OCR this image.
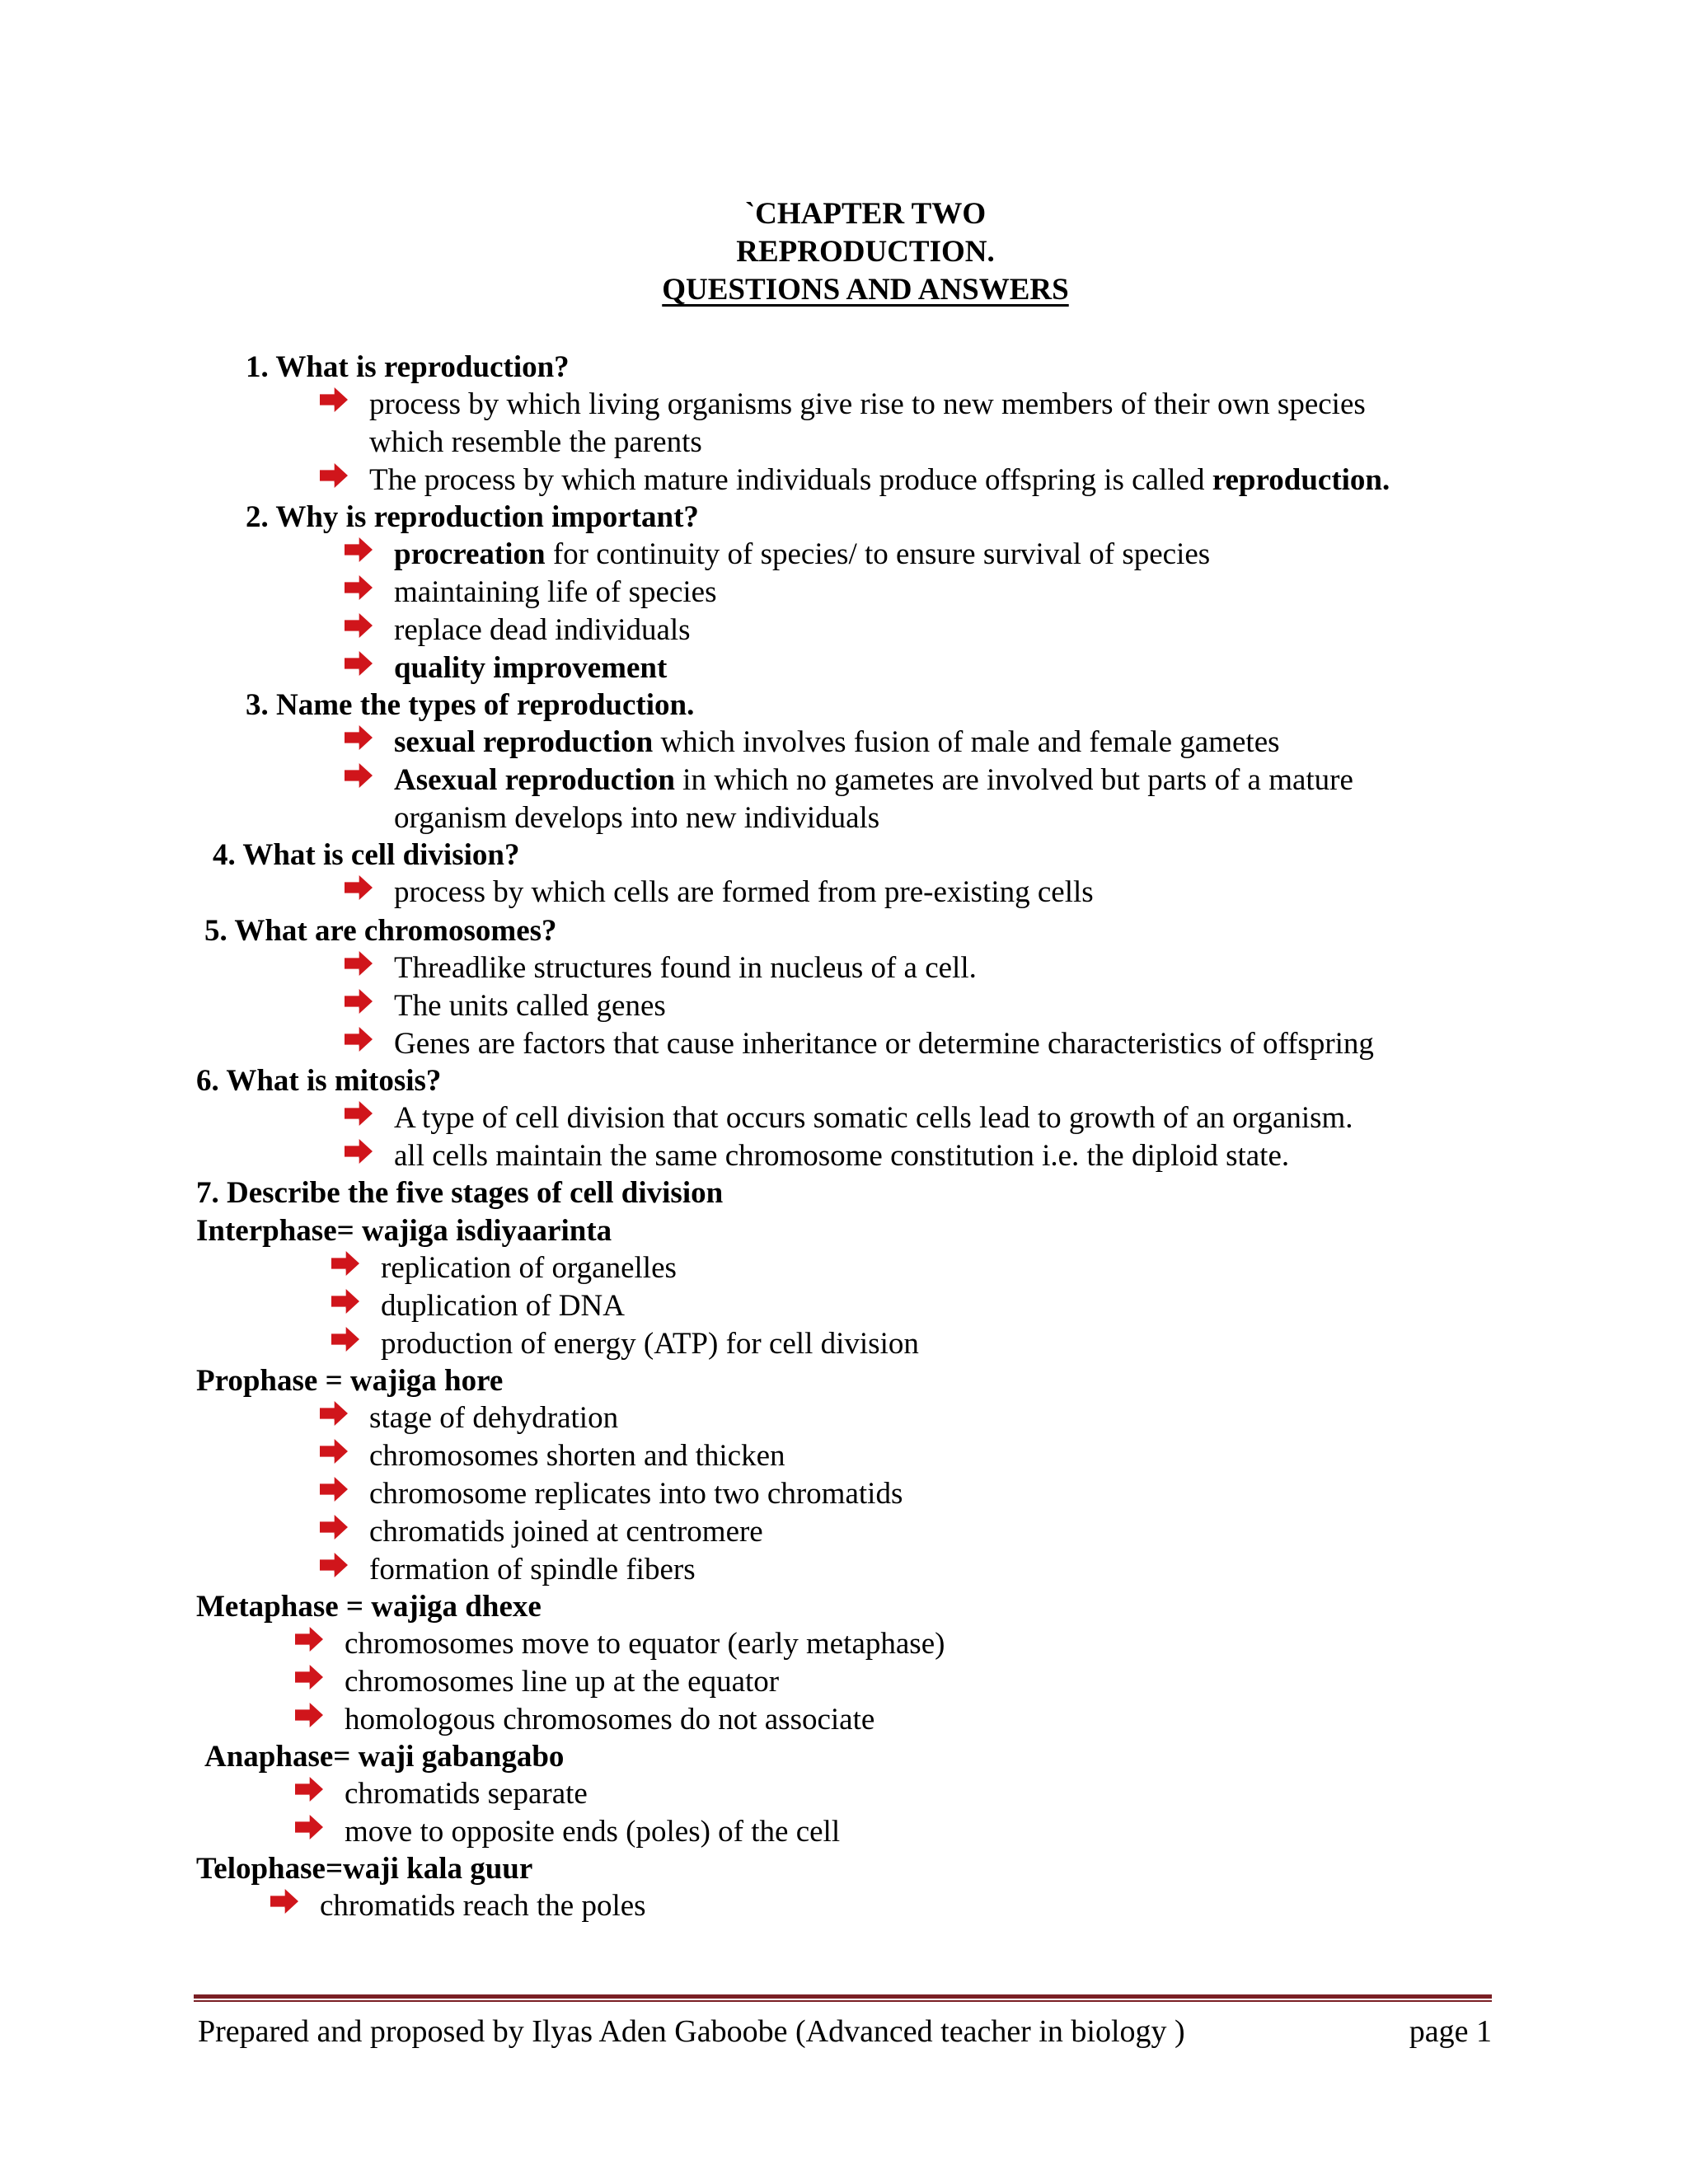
`CHAPTER TWO
REPRODUCTION.
QUESTIONS AND ANSWERS
1. What is reproduction?
process by which living organisms give rise to new members of their own species
which resemble the parents
The process by which mature individuals produce offspring is called reproduction.
2. Why is reproduction important?
procreation for continuity of species/ to ensure survival of species
maintaining life of species
replace dead individuals
quality improvement
3. Name the types of reproduction.
sexual reproduction which involves fusion of male and female gametes
Asexual reproduction in which no gametes are involved but parts of a mature
organism develops into new individuals
4. What is cell division?
process by which cells are formed from pre-existing cells
5. What are chromosomes?
Threadlike structures found in nucleus of a cell.
The units called genes
Genes are factors that cause inheritance or determine characteristics of offspring
6. What is mitosis?
A type of cell division that occurs somatic cells lead to growth of an organism.
all cells maintain the same chromosome constitution i.e. the diploid state.
7. Describe the five stages of cell division
Interphase= wajiga isdiyaarinta
replication of organelles
duplication of DNA
production of energy (ATP) for cell division
Prophase = wajiga hore
stage of dehydration
chromosomes shorten and thicken
chromosome replicates into two chromatids
chromatids joined at centromere
formation of spindle fibers
Metaphase = wajiga dhexe
chromosomes move to equator (early metaphase)
chromosomes line up at the equator
homologous chromosomes do not associate
Anaphase= waji gabangabo
chromatids separate
move to opposite ends (poles) of the cell
Telophase=waji kala guur
chromatids reach the poles
Prepared and proposed by Ilyas Aden Gaboobe (Advanced teacher in biology )	page 1
